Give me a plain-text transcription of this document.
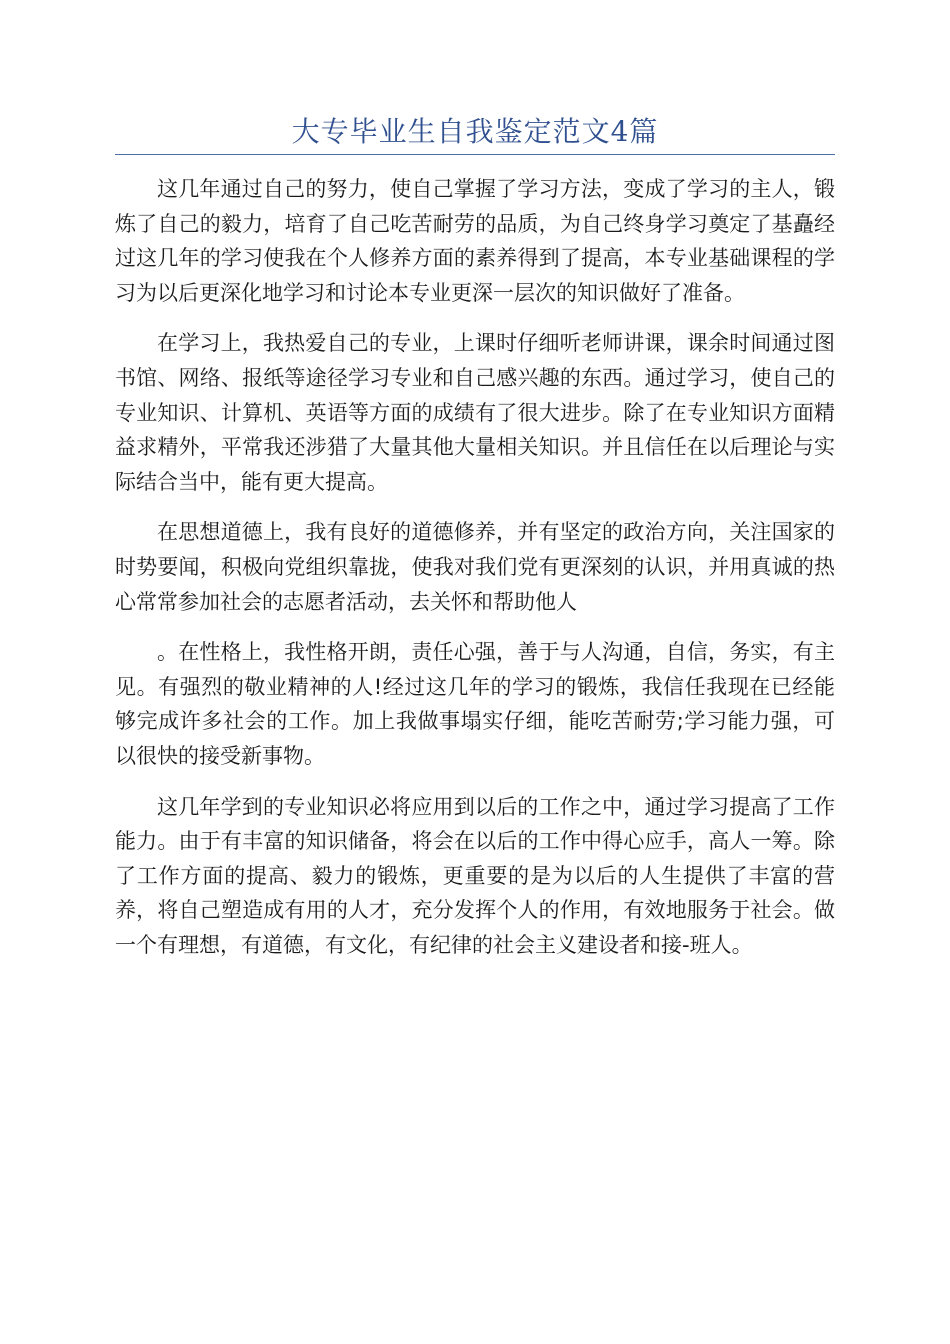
大专毕业生自我鉴定范文4篇

这几年通过自己的努力，使自己掌握了学习方法，变成了学习的主人，锻炼了自己的毅力，培育了自己吃苦耐劳的品质，为自己终身学习奠定了基矗经过这几年的学习使我在个人修养方面的素养得到了提高，本专业基础课程的学习为以后更深化地学习和讨论本专业更深一层次的知识做好了准备。

在学习上，我热爱自己的专业，上课时仔细听老师讲课，课余时间通过图书馆、网络、报纸等途径学习专业和自己感兴趣的东西。通过学习，使自己的专业知识、计算机、英语等方面的成绩有了很大进步。除了在专业知识方面精益求精外，平常我还涉猎了大量其他大量相关知识。并且信任在以后理论与实际结合当中，能有更大提高。

在思想道德上，我有良好的道德修养，并有坚定的政治方向，关注国家的时势要闻，积极向党组织靠拢，使我对我们党有更深刻的认识，并用真诚的热心常常参加社会的志愿者活动，去关怀和帮助他人

。在性格上，我性格开朗，责任心强，善于与人沟通，自信，务实，有主见。有强烈的敬业精神的人!经过这几年的学习的锻炼，我信任我现在已经能够完成许多社会的工作。加上我做事塌实仔细，能吃苦耐劳;学习能力强，可以很快的接受新事物。

这几年学到的专业知识必将应用到以后的工作之中，通过学习提高了工作能力。由于有丰富的知识储备，将会在以后的工作中得心应手，高人一筹。除了工作方面的提高、毅力的锻炼，更重要的是为以后的人生提供了丰富的营养，将自己塑造成有用的人才，充分发挥个人的作用，有效地服务于社会。做一个有理想，有道德，有文化，有纪律的社会主义建设者和接-班人。
